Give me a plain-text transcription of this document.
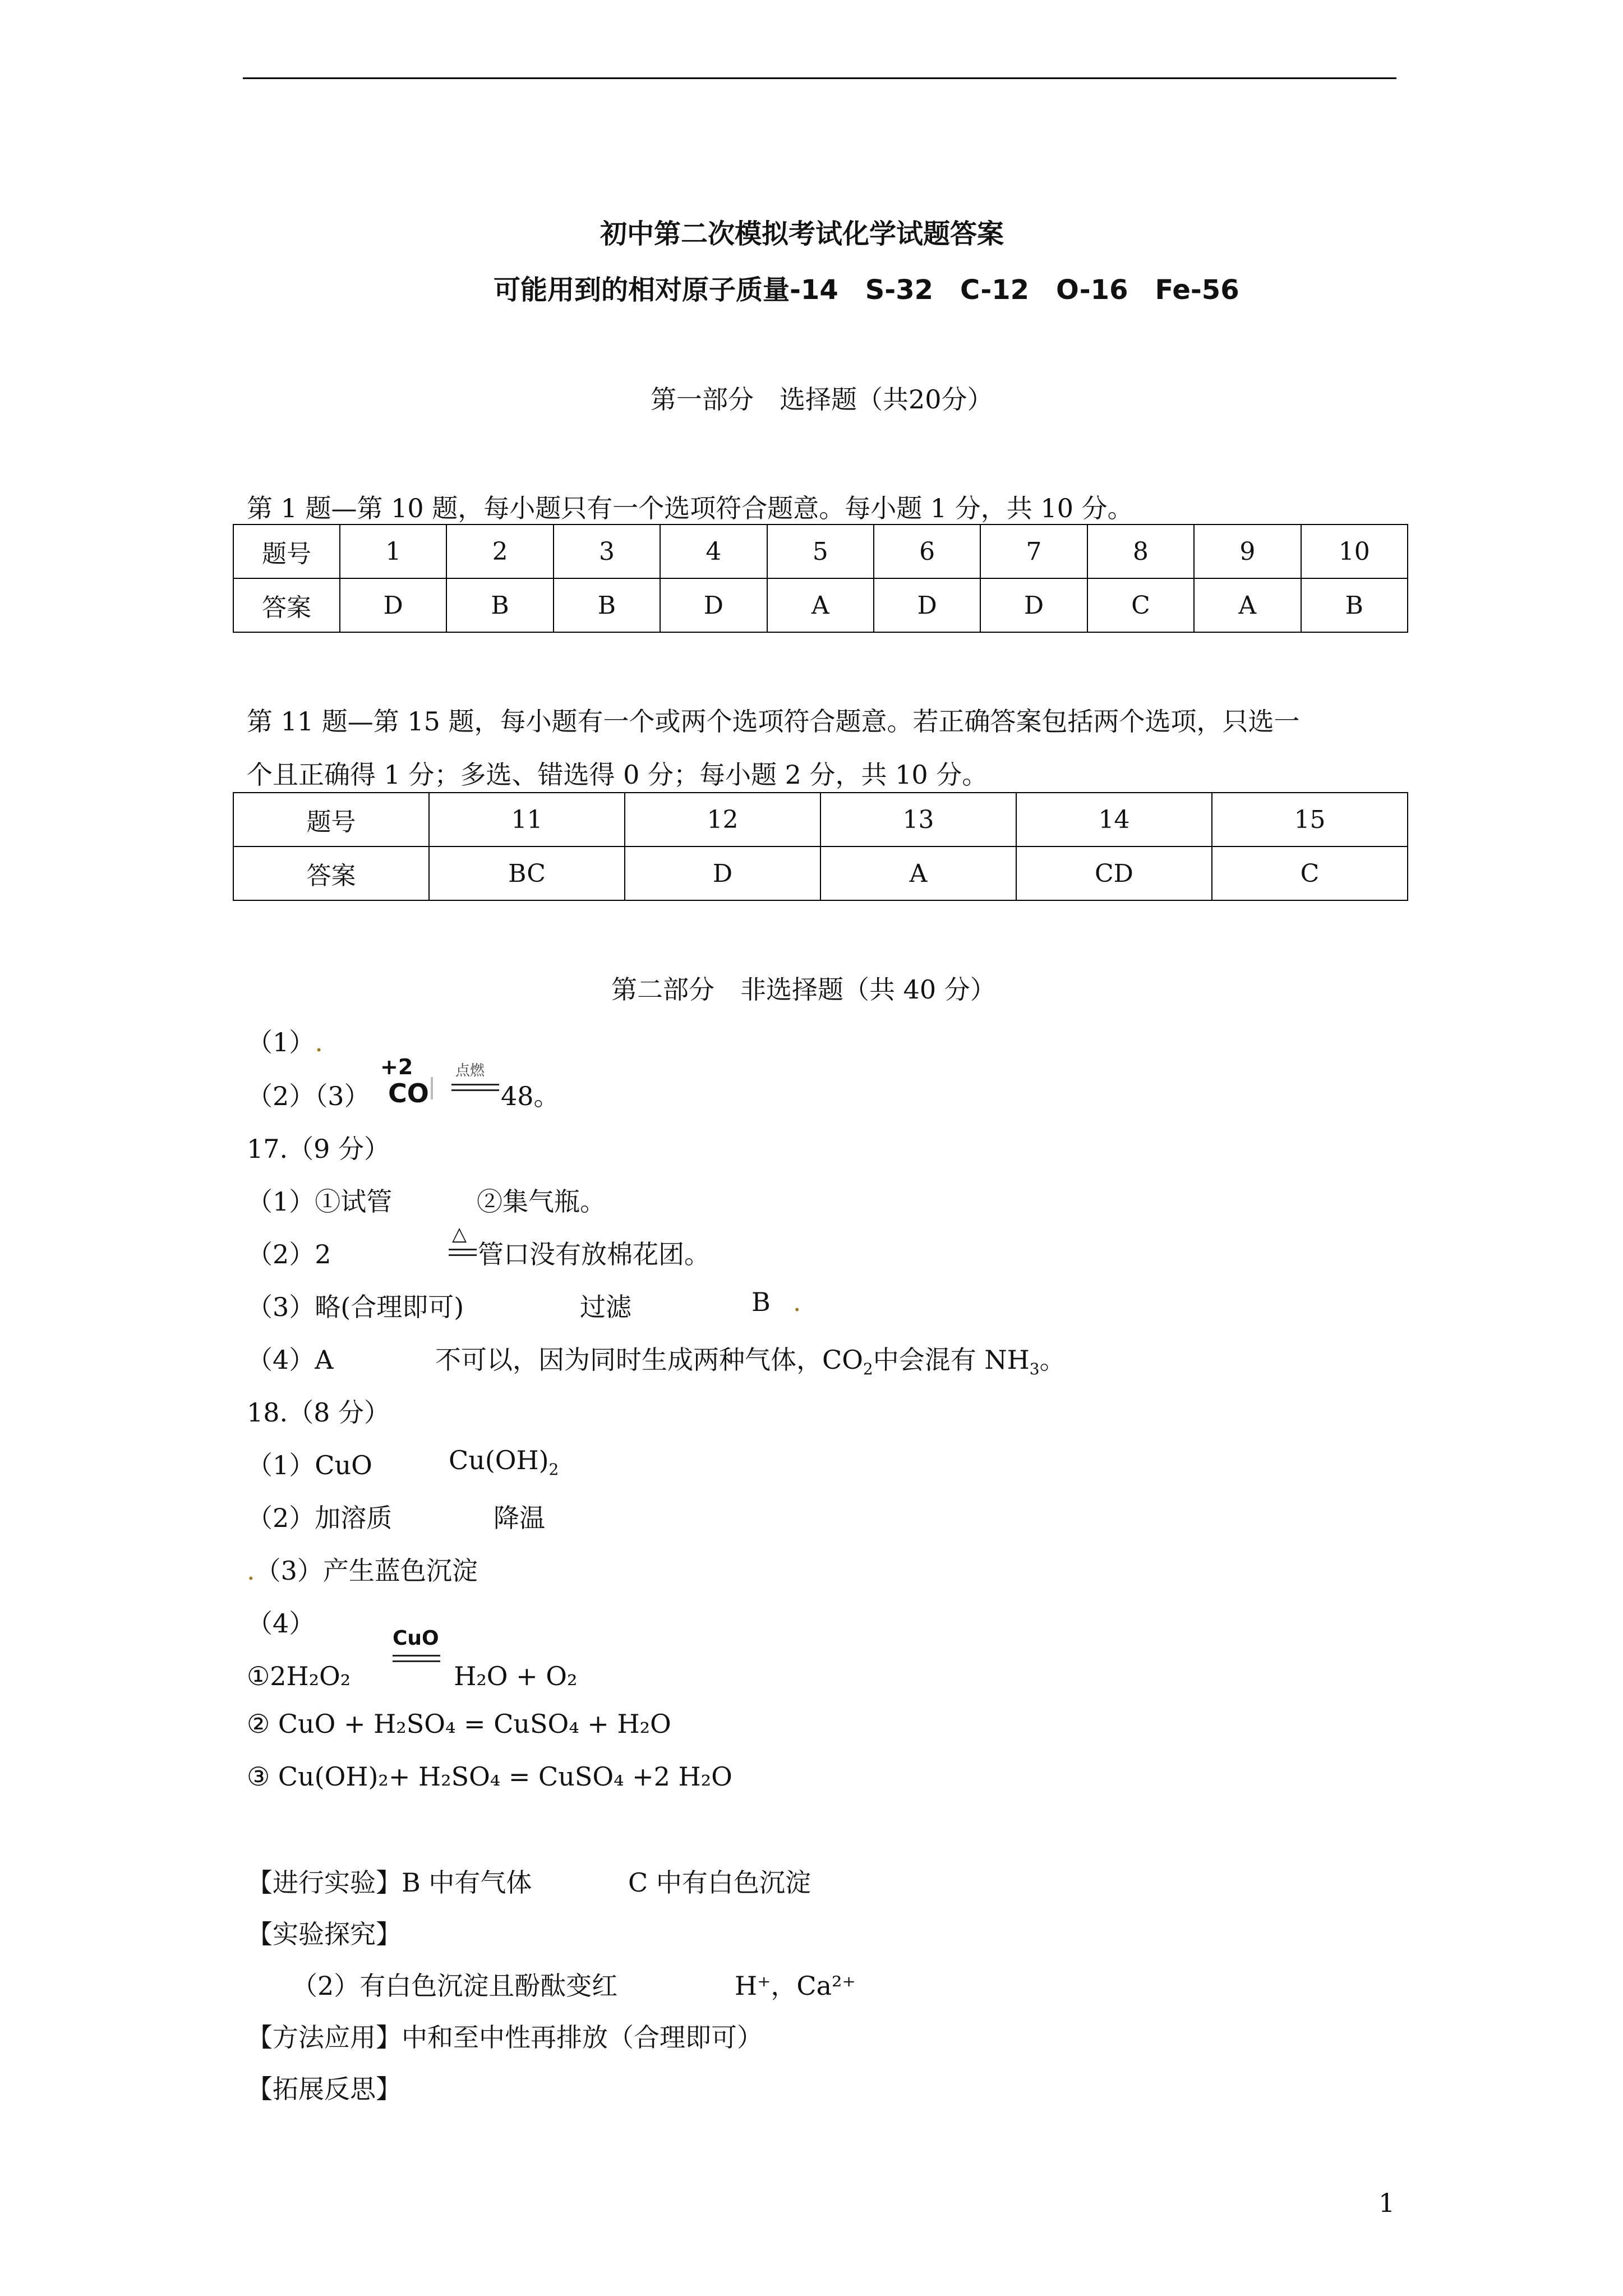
初中第二次模拟考试化学试题答案
可能用到的相对原子质量-14　S-32　C-12　O-16　Fe-56
第一部分　选择题（共20分）
第 1 题—第 10 题，每小题只有一个选项符合题意。每小题 1 分，共 10 分。
题号	1	2	3	4	5	6	7	8	9	10
答案	D	B	B	D	A	D	D	C	A	B
第 11 题—第 15 题，每小题有一个或两个选项符合题意。若正确答案包括两个选项，只选一
个且正确得 1 分；多选、错选得 0 分；每小题 2 分，共 10 分。
题号	11	12	13	14	15
答案	BC	D	A	CD	C
第二部分　非选择题（共 40 分）
（1）.
（2）（3）
+2
CO
点燃
48。
17.（9 分）
（1）①试管	②集气瓶。
（2）2
△
管口没有放棉花团。
（3）略(合理即可)	过滤	B .
（4）A	不可以，因为同时生成两种气体，$CO_2$中会混有 $NH_3$。
18.（8 分）
（1）CuO	$Cu(OH)_2$
（2）加溶质	降温
.（3）产生蓝色沉淀
（4）	CuO
①2H₂O₂　　　　H₂O + O₂
② CuO + H₂SO₄ = CuSO₄ + H₂O
③ Cu(OH)₂+ H₂SO₄ = CuSO₄ +2 H₂O
【进行实验】B 中有气体	C 中有白色沉淀
【实验探究】
（2）有白色沉淀且酚酞变红	H⁺，Ca²⁺
【方法应用】中和至中性再排放（合理即可）
【拓展反思】
1
